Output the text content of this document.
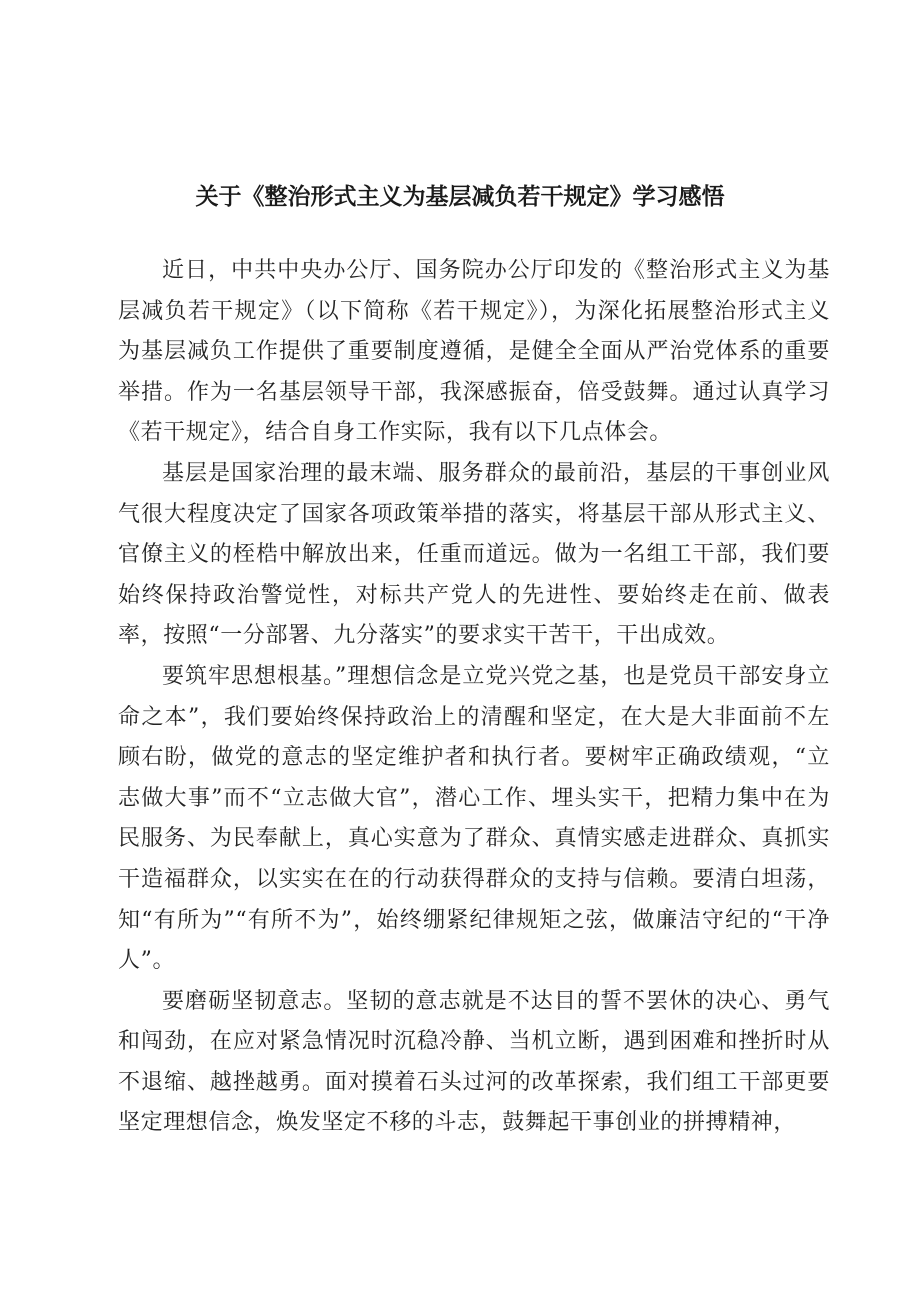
关于《整治形式主义为基层减负若干规定》学习感悟

近日，中共中央办公厅、国务院办公厅印发的《整治形式主义为基层减负若干规定》（以下简称《若干规定》），为深化拓展整治形式主义为基层减负工作提供了重要制度遵循，是健全全面从严治党体系的重要举措。作为一名基层领导干部，我深感振奋，倍受鼓舞。通过认真学习《若干规定》，结合自身工作实际，我有以下几点体会。

基层是国家治理的最末端、服务群众的最前沿，基层的干事创业风气很大程度决定了国家各项政策举措的落实，将基层干部从形式主义、官僚主义的桎梏中解放出来，任重而道远。做为一名组工干部，我们要始终保持政治警觉性，对标共产党人的先进性、要始终走在前、做表率，按照“一分部署、九分落实”的要求实干苦干，干出成效。

要筑牢思想根基。”理想信念是立党兴党之基，也是党员干部安身立命之本”，我们要始终保持政治上的清醒和坚定，在大是大非面前不左顾右盼，做党的意志的坚定维护者和执行者。要树牢正确政绩观，“立志做大事”而不“立志做大官”，潜心工作、埋头实干，把精力集中在为民服务、为民奉献上，真心实意为了群众、真情实感走进群众、真抓实干造福群众，以实实在在的行动获得群众的支持与信赖。要清白坦荡，知“有所为”“有所不为”，始终绷紧纪律规矩之弦，做廉洁守纪的“干净人”。

要磨砺坚韧意志。坚韧的意志就是不达目的誓不罢休的决心、勇气和闯劲，在应对紧急情况时沉稳冷静、当机立断，遇到困难和挫折时从不退缩、越挫越勇。面对摸着石头过河的改革探索，我们组工干部更要坚定理想信念，焕发坚定不移的斗志，鼓舞起干事创业的拼搏精神，
